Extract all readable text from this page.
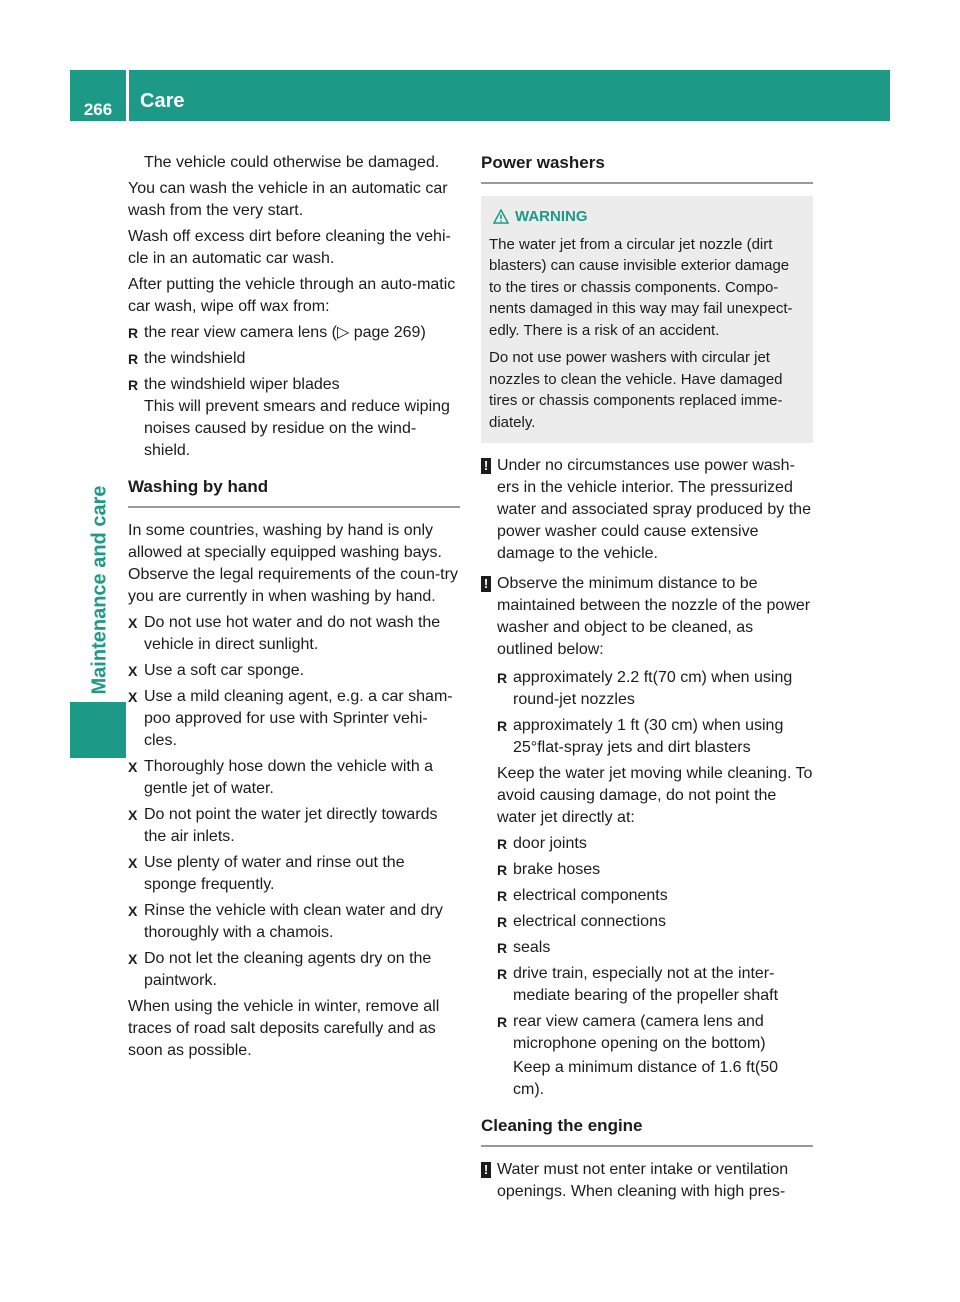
266	Care
Maintenance and care

The vehicle could otherwise be damaged.

You can wash the vehicle in an automatic car wash from the very start.

Wash off excess dirt before cleaning the vehi-cle in an automatic car wash.

After putting the vehicle through an auto-matic car wash, wipe off wax from:

R the rear view camera lens (▷ page 269)
R the windshield
R the windshield wiper blades

This will prevent smears and reduce wiping noises caused by residue on the wind-shield.

Washing by hand

In some countries, washing by hand is only allowed at specially equipped washing bays. Observe the legal requirements of the coun-try you are currently in when washing by hand.

X Do not use hot water and do not wash the vehicle in direct sunlight.
X Use a soft car sponge.
X Use a mild cleaning agent, e.g. a car sham-poo approved for use with Sprinter vehi-cles.
X Thoroughly hose down the vehicle with a gentle jet of water.
X Do not point the water jet directly towards the air inlets.
X Use plenty of water and rinse out the sponge frequently.
X Rinse the vehicle with clean water and dry thoroughly with a chamois.
X Do not let the cleaning agents dry on the paintwork.

When using the vehicle in winter, remove all traces of road salt deposits carefully and as soon as possible.

Power washers
WARNING

The water jet from a circular jet nozzle (dirt blasters) can cause invisible exterior damage to the tires or chassis components. Compo-nents damaged in this way may fail unexpect-edly. There is a risk of an accident.

Do not use power washers with circular jet nozzles to clean the vehicle. Have damaged tires or chassis components replaced imme-diately.

! Under no circumstances use power wash-ers in the vehicle interior. The pressurized water and associated spray produced by the power washer could cause extensive damage to the vehicle.
! Observe the minimum distance to be maintained between the nozzle of the power washer and object to be cleaned, as outlined below:
R approximately 2.2 ft(70 cm) when using round-jet nozzles
R approximately 1 ft (30 cm) when using 25°flat-spray jets and dirt blasters

Keep the water jet moving while cleaning. To avoid causing damage, do not point the water jet directly at:

R door joints
R brake hoses
R electrical components
R electrical connections
R seals
R drive train, especially not at the inter-mediate bearing of the propeller shaft
R rear view camera (camera lens and microphone opening on the bottom)

Keep a minimum distance of 1.6 ft(50 cm).

Cleaning the engine
! Water must not enter intake or ventilation openings. When cleaning with high pres-
